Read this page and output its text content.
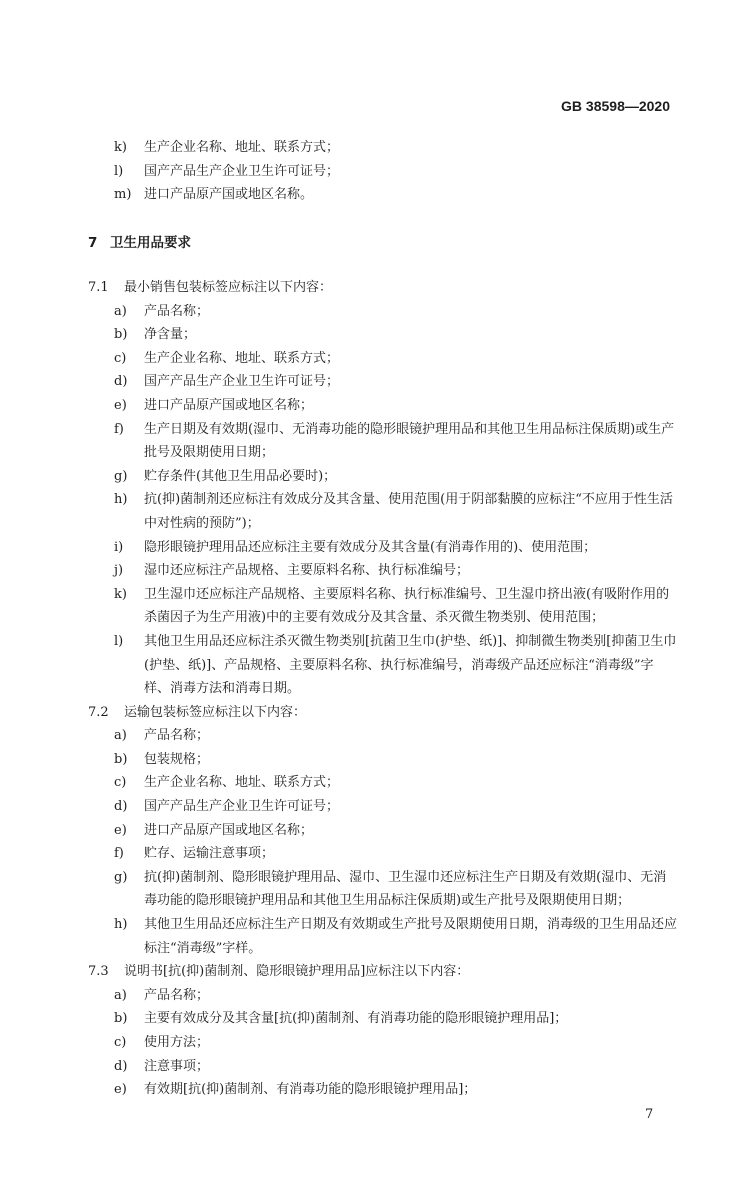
GB 38598—2020
k) 生产企业名称、地址、联系方式；
l) 国产产品生产企业卫生许可证号；
m) 进口产品原产国或地区名称。
7 卫生用品要求
7.1 最小销售包装标签应标注以下内容：
a) 产品名称；
b) 净含量；
c) 生产企业名称、地址、联系方式；
d) 国产产品生产企业卫生许可证号；
e) 进口产品原产国或地区名称；
f) 生产日期及有效期(湿巾、无消毒功能的隐形眼镜护理用品和其他卫生用品标注保质期)或生产批号及限期使用日期；
g) 贮存条件(其他卫生用品必要时)；
h) 抗(抑)菌制剂还应标注有效成分及其含量、使用范围(用于阴部黏膜的应标注“不应用于性生活中对性病的预防”)；
i) 隐形眼镜护理用品还应标注主要有效成分及其含量(有消毒作用的)、使用范围；
j) 湿巾还应标注产品规格、主要原料名称、执行标准编号；
k) 卫生湿巾还应标注产品规格、主要原料名称、执行标准编号、卫生湿巾挤出液(有吸附作用的杀菌因子为生产用液)中的主要有效成分及其含量、杀灭微生物类别、使用范围；
l) 其他卫生用品还应标注杀灭微生物类别[抗菌卫生巾(护垫、纸)]、抑制微生物类别[抑菌卫生巾(护垫、纸)]、产品规格、主要原料名称、执行标准编号，消毒级产品还应标注“消毒级”字样、消毒方法和消毒日期。
7.2 运输包装标签应标注以下内容：
a) 产品名称；
b) 包装规格；
c) 生产企业名称、地址、联系方式；
d) 国产产品生产企业卫生许可证号；
e) 进口产品原产国或地区名称；
f) 贮存、运输注意事项；
g) 抗(抑)菌制剂、隐形眼镜护理用品、湿巾、卫生湿巾还应标注生产日期及有效期(湿巾、无消毒功能的隐形眼镜护理用品和其他卫生用品标注保质期)或生产批号及限期使用日期；
h) 其他卫生用品还应标注生产日期及有效期或生产批号及限期使用日期，消毒级的卫生用品还应标注“消毒级”字样。
7.3 说明书[抗(抑)菌制剂、隐形眼镜护理用品]应标注以下内容：
a) 产品名称；
b) 主要有效成分及其含量[抗(抑)菌制剂、有消毒功能的隐形眼镜护理用品]；
c) 使用方法；
d) 注意事项；
e) 有效期[抗(抑)菌制剂、有消毒功能的隐形眼镜护理用品]；
7
